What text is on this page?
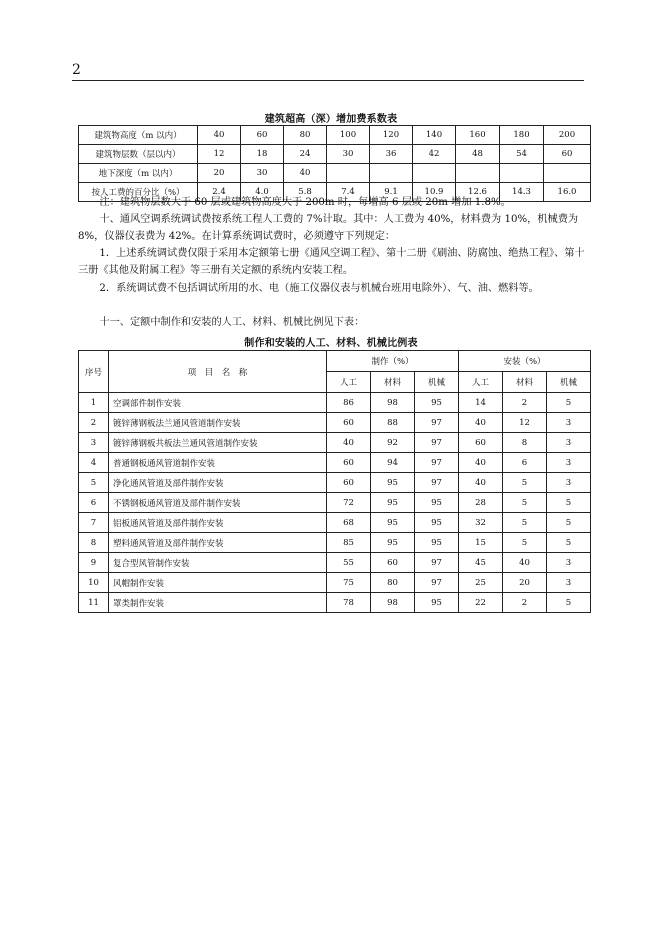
2
建筑超高（深）增加费系数表
建筑物高度（m 以内）	40	60	80	100	120	140	160	180	200
建筑物层数（层以内）	12	18	24	30	36	42	48	54	60
地下深度（m 以内）	20	30	40						
按人工费的百分比（%）	2.4	4.0	5.8	7.4	9.1	10.9	12.6	14.3	16.0

注：建筑物层数大于 60 层或建筑物高度大于 200m 时，每增高 6 层或 20m 增加 1.8%。

十、通风空调系统调试费按系统工程人工费的 7%计取。其中：人工费为 40%，材料费为 10%，机械费为 8%，仪器仪表费为 42%。在计算系统调试费时，必须遵守下列规定：

1．上述系统调试费仅限于采用本定额第七册《通风空调工程》、第十二册《刷油、防腐蚀、绝热工程》、第十三册《其他及附属工程》等三册有关定额的系统内安装工程。

2．系统调试费不包括调试所用的水、电（施工仪器仪表与机械台班用电除外）、气、油、燃料等。

十一、定额中制作和安装的人工、材料、机械比例见下表：

制作和安装的人工、材料、机械比例表
序号	项　目　名　称	制作（%）			安装（%）		
		人工	材料	机械	人工	材料	机械
1	空调部件制作安装	86	98	95	14	2	5
2	镀锌薄钢板法兰通风管道制作安装	60	88	97	40	12	3
3	镀锌薄钢板共板法兰通风管道制作安装	40	92	97	60	8	3
4	普通钢板通风管道制作安装	60	94	97	40	6	3
5	净化通风管道及部件制作安装	60	95	97	40	5	3
6	不锈钢板通风管道及部件制作安装	72	95	95	28	5	5
7	铝板通风管道及部件制作安装	68	95	95	32	5	5
8	塑料通风管道及部件制作安装	85	95	95	15	5	5
9	复合型风管制作安装	55	60	97	45	40	3
10	风帽制作安装	75	80	97	25	20	3
11	罩类制作安装	78	98	95	22	2	5
